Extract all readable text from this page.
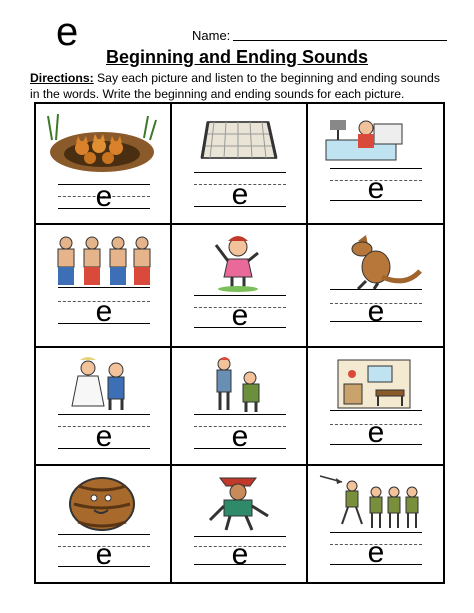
e	Name:
Beginning and Ending Sounds
Directions: Say each picture and listen to the beginning and ending sounds in the words. Write the beginning and ending sounds for each picture.
e	e	e
e	e	e
e	e	e
e	e	e
